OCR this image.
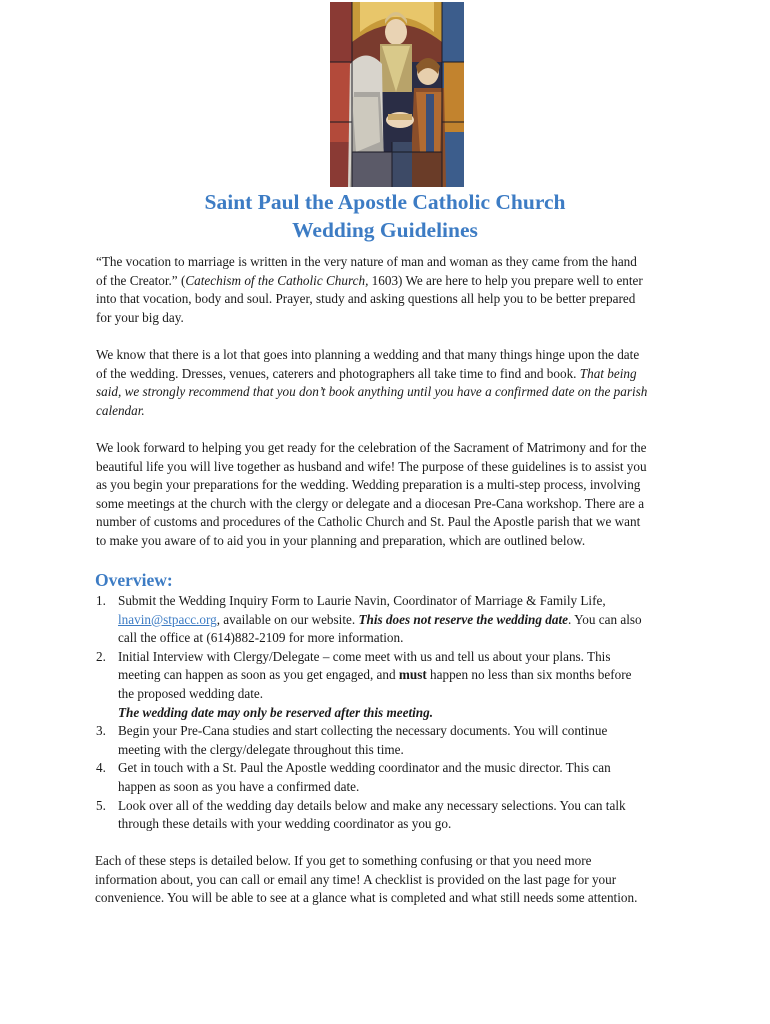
Saint Paul the Apostle Catholic Church
Wedding Guidelines
“The vocation to marriage is written in the very nature of man and woman as they came from the hand
of the Creator.” (Catechism of the Catholic Church, 1603) We are here to help you prepare well to enter
into that vocation, body and soul. Prayer, study and asking questions all help you to be better prepared
for your big day.
We know that there is a lot that goes into planning a wedding and that many things hinge upon the date
of the wedding. Dresses, venues, caterers and photographers all take time to find and book. That being
said, we strongly recommend that you don’t book anything until you have a confirmed date on the parish
calendar.
We look forward to helping you get ready for the celebration of the Sacrament of Matrimony and for the
beautiful life you will live together as husband and wife! The purpose of these guidelines is to assist you
as you begin your preparations for the wedding. Wedding preparation is a multi-step process, involving
some meetings at the church with the clergy or delegate and a diocesan Pre-Cana workshop. There are a
number of customs and procedures of the Catholic Church and St. Paul the Apostle parish that we want
to make you aware of to aid you in your planning and preparation, which are outlined below.
Overview:
1. Submit the Wedding Inquiry Form to Laurie Navin, Coordinator of Marriage & Family Life,
lnavin@stpacc.org, available on our website. This does not reserve the wedding date. You can also
call the office at (614)882-2109 for more information.
2. Initial Interview with Clergy/Delegate – come meet with us and tell us about your plans. This
meeting can happen as soon as you get engaged, and must happen no less than six months before
the proposed wedding date.
The wedding date may only be reserved after this meeting.
3. Begin your Pre-Cana studies and start collecting the necessary documents. You will continue
meeting with the clergy/delegate throughout this time.
4. Get in touch with a St. Paul the Apostle wedding coordinator and the music director. This can
happen as soon as you have a confirmed date.
5. Look over all of the wedding day details below and make any necessary selections. You can talk
through these details with your wedding coordinator as you go.
Each of these steps is detailed below. If you get to something confusing or that you need more
information about, you can call or email any time! A checklist is provided on the last page for your
convenience. You will be able to see at a glance what is completed and what still needs some attention.
